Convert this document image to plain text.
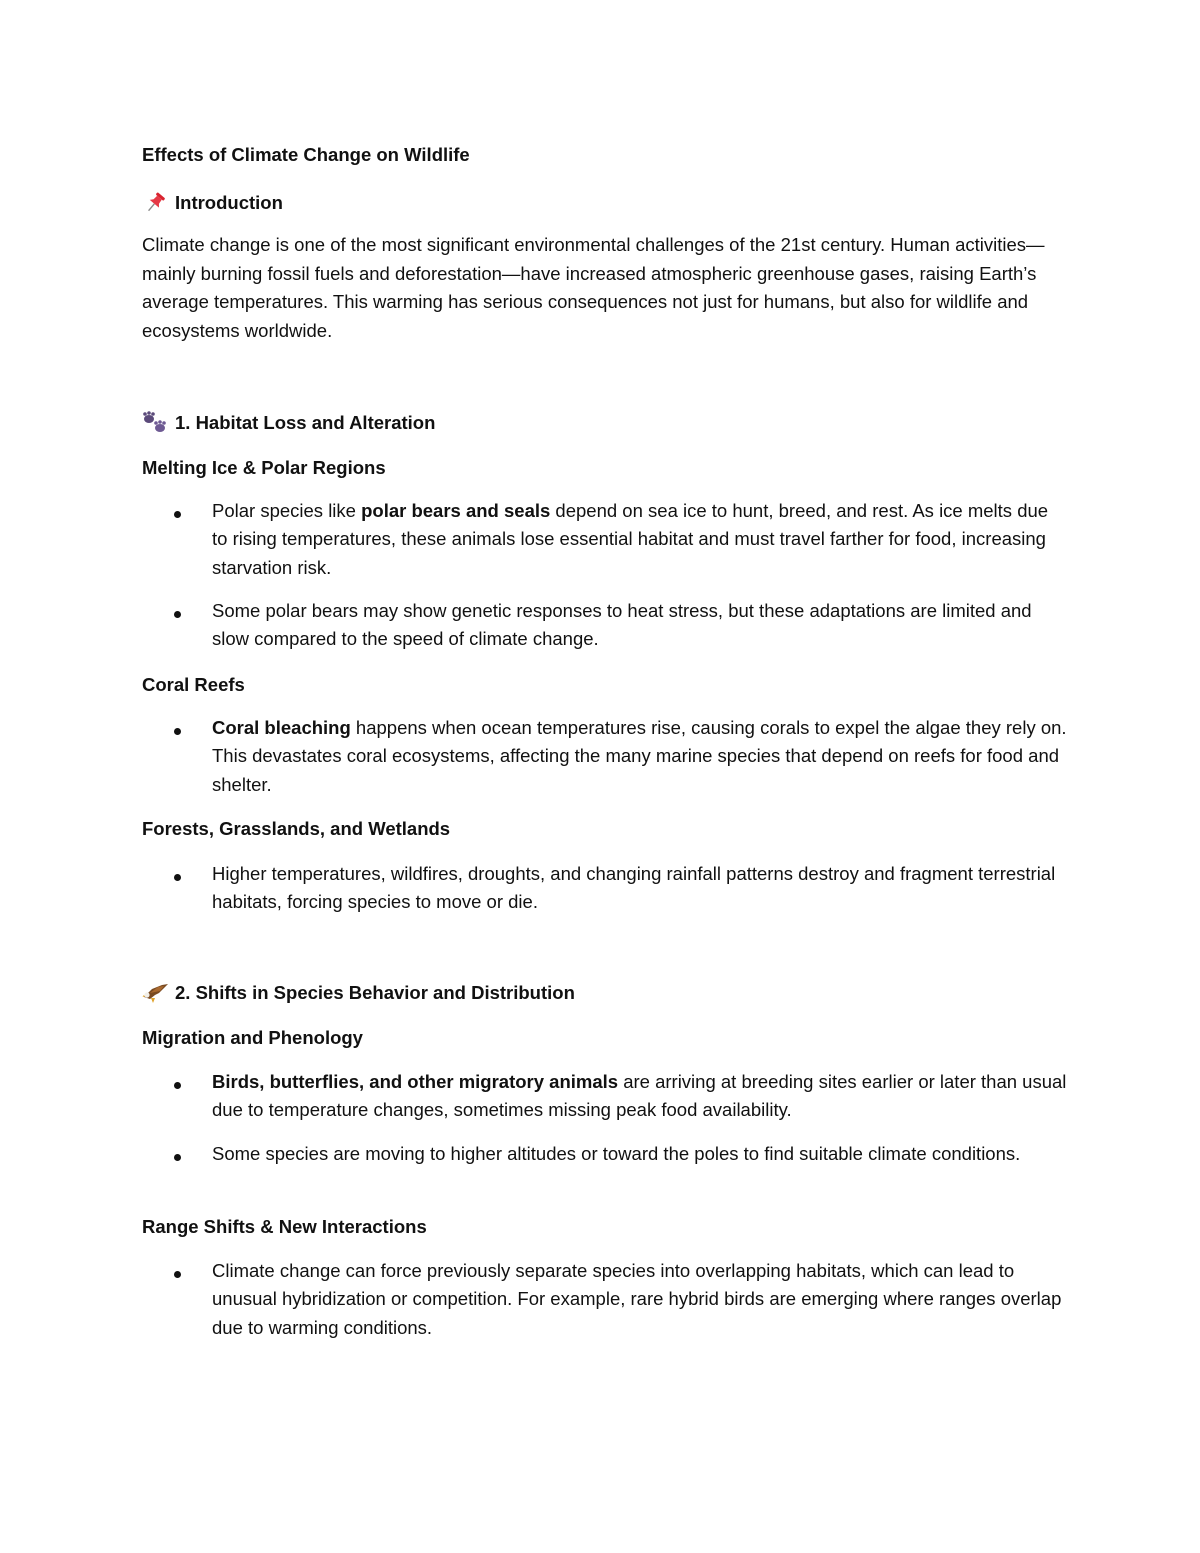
Effects of Climate Change on Wildlife
Introduction

Climate change is one of the most significant environmental challenges of the 21st century. Human activities—mainly burning fossil fuels and deforestation—have increased atmospheric greenhouse gases, raising Earth’s average temperatures. This warming has serious consequences not just for humans, but also for wildlife and ecosystems worldwide.

1. Habitat Loss and Alteration
Melting Ice & Polar Regions
Polar species like polar bears and seals depend on sea ice to hunt, breed, and rest. As ice melts due to rising temperatures, these animals lose essential habitat and must travel farther for food, increasing starvation risk.
Some polar bears may show genetic responses to heat stress, but these adaptations are limited and slow compared to the speed of climate change.
Coral Reefs
Coral bleaching happens when ocean temperatures rise, causing corals to expel the algae they rely on. This devastates coral ecosystems, affecting the many marine species that depend on reefs for food and shelter.
Forests, Grasslands, and Wetlands
Higher temperatures, wildfires, droughts, and changing rainfall patterns destroy and fragment terrestrial habitats, forcing species to move or die.
2. Shifts in Species Behavior and Distribution
Migration and Phenology
Birds, butterflies, and other migratory animals are arriving at breeding sites earlier or later than usual due to temperature changes, sometimes missing peak food availability.
Some species are moving to higher altitudes or toward the poles to find suitable climate conditions.
Range Shifts & New Interactions
Climate change can force previously separate species into overlapping habitats, which can lead to unusual hybridization or competition. For example, rare hybrid birds are emerging where ranges overlap due to warming conditions.
